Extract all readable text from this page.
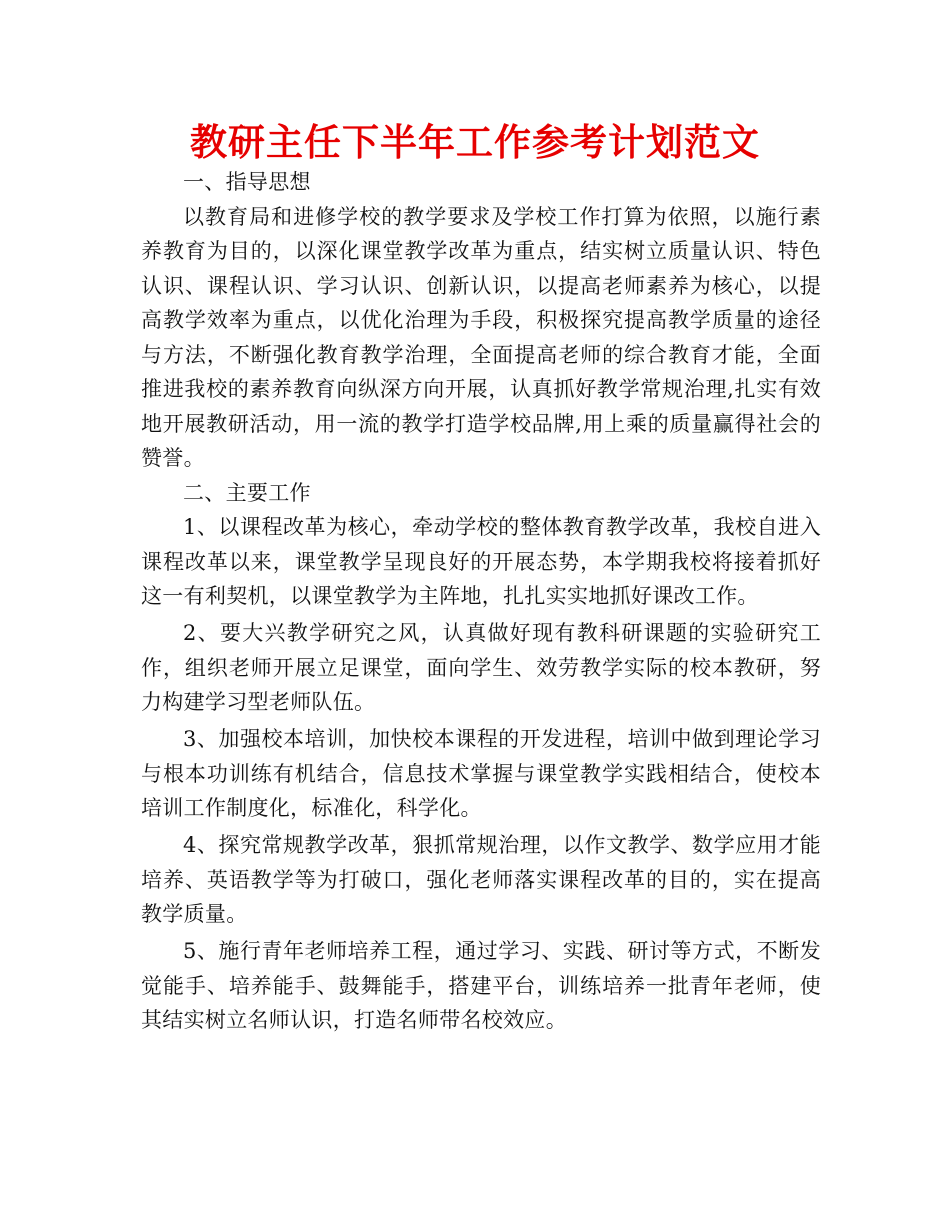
教研主任下半年工作参考计划范文

一、指导思想

以教育局和进修学校的教学要求及学校工作打算为依照，以施行素养教育为目的，以深化课堂教学改革为重点，结实树立质量认识、特色认识、课程认识、学习认识、创新认识，以提高老师素养为核心，以提高教学效率为重点，以优化治理为手段，积极探究提高教学质量的途径与方法，不断强化教育教学治理，全面提高老师的综合教育才能，全面推进我校的素养教育向纵深方向开展，认真抓好教学常规治理,扎实有效地开展教研活动，用一流的教学打造学校品牌,用上乘的质量赢得社会的赞誉。

二、主要工作

1、以课程改革为核心，牵动学校的整体教育教学改革，我校自进入课程改革以来，课堂教学呈现良好的开展态势，本学期我校将接着抓好这一有利契机，以课堂教学为主阵地，扎扎实实地抓好课改工作。

2、要大兴教学研究之风，认真做好现有教科研课题的实验研究工作，组织老师开展立足课堂，面向学生、效劳教学实际的校本教研，努力构建学习型老师队伍。

3、加强校本培训，加快校本课程的开发进程，培训中做到理论学习与根本功训练有机结合，信息技术掌握与课堂教学实践相结合，使校本培训工作制度化，标准化，科学化。

4、探究常规教学改革，狠抓常规治理，以作文教学、数学应用才能培养、英语教学等为打破口，强化老师落实课程改革的目的，实在提高教学质量。

5、施行青年老师培养工程，通过学习、实践、研讨等方式，不断发觉能手、培养能手、鼓舞能手，搭建平台，训练培养一批青年老师，使其结实树立名师认识，打造名师带名校效应。
